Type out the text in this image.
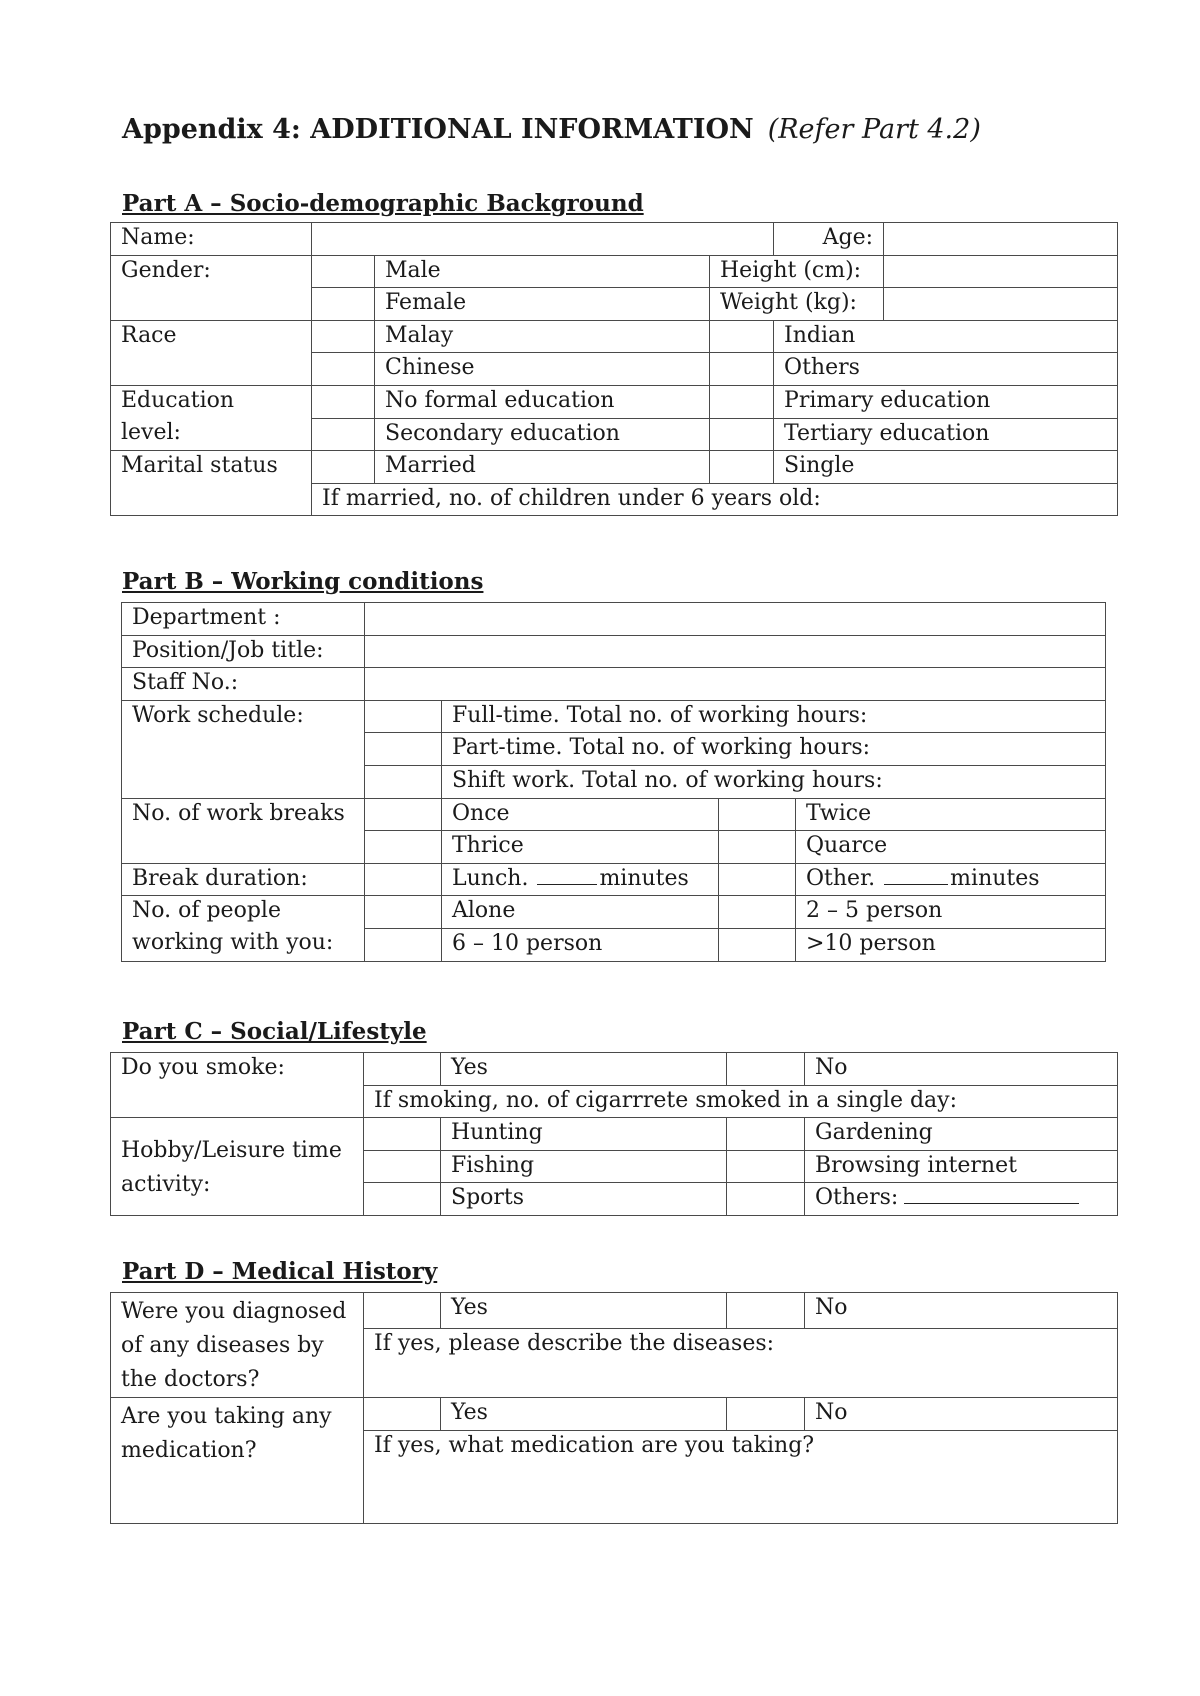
Appendix 4: ADDITIONAL INFORMATION (Refer Part 4.2)
Part A – Socio-demographic Background
Name:				Age:	
Gender:		Male	Height (cm):		
		Female	Weight (kg):		
Race		Malay		Indian	
		Chinese		Others	
Education		No formal education		Primary education	
level:		Secondary education		Tertiary education	
Marital status		Married		Single	
	If married, no. of children under 6 years old:				
Part B – Working conditions
Department :				
Position/Job title:				
Staff No.:				
Work schedule:		Full-time. Total no. of working hours:		
		Part-time. Total no. of working hours:		
		Shift work. Total no. of working hours:		
No. of work breaks		Once		Twice
		Thrice		Quarce
Break duration:		Lunch. minutes		Other. minutes
No. of people		Alone		2 – 5 person
working with you:		6 – 10 person		>10 person
Part C – Social/Lifestyle
Do you smoke:		Yes		No
	If smoking, no. of cigarrrete smoked in a single day:			
Hobby/Leisure time activity:		Hunting		Gardening
		Fishing		Browsing internet
		Sports		Others:
Part D – Medical History
Were you diagnosed of any diseases by the doctors?		Yes		No
	If yes, please describe the diseases:			
Are you taking any medication?		Yes		No
	If yes, what medication are you taking?			
